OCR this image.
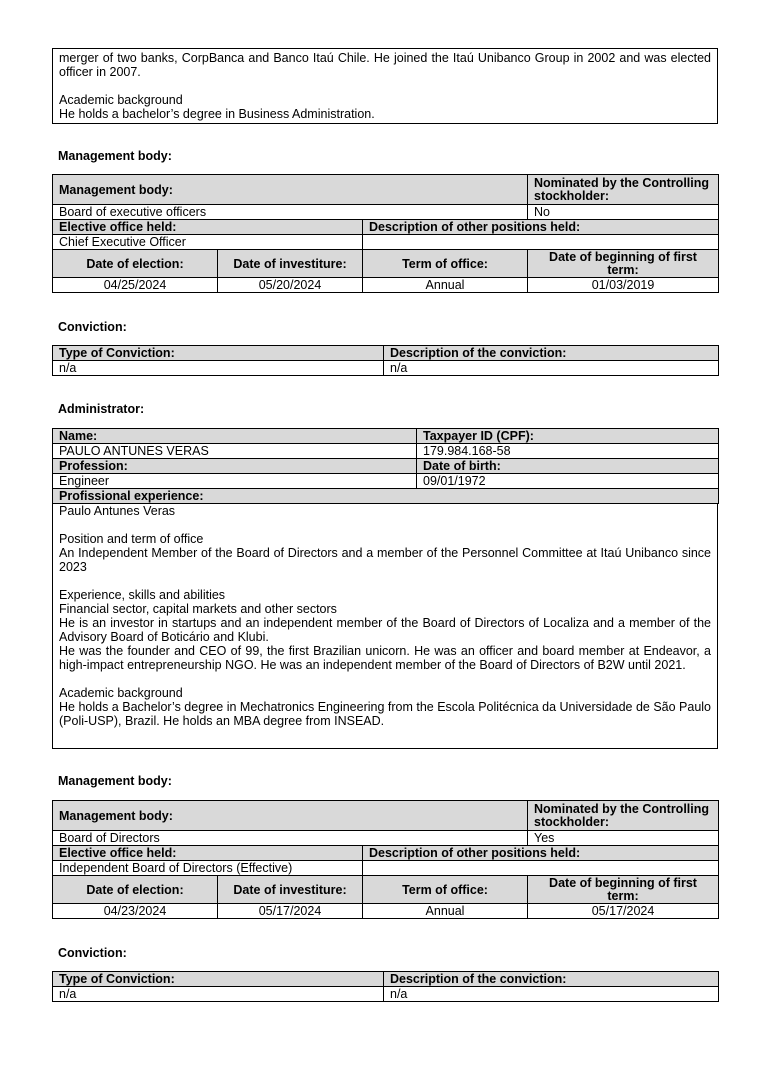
merger of two banks, CorpBanca and Banco Itaú Chile. He joined the Itaú Unibanco Group in 2002 and was elected officer in 2007.

Academic background

He holds a bachelor’s degree in Business Administration.

Management body:
Management body:			Nominated by the Controlling stockholder:
Board of executive officers			No
Elective office held:		Description of other positions held:	
Chief Executive Officer			
Date of election:	Date of investiture:	Term of office:	Date of beginning of first term:
04/25/2024	05/20/2024	Annual	01/03/2019
Conviction:
Type of Conviction:	Description of the conviction:
n/a	n/a
Administrator:
Name:	Taxpayer ID (CPF):
PAULO ANTUNES VERAS	179.984.168-58
Profession:	Date of birth:
Engineer	09/01/1972
Profissional experience:	

Paulo Antunes Veras

Position and term of office

An Independent Member of the Board of Directors and a member of the Personnel Committee at Itaú Unibanco since 2023

Experience, skills and abilities

Financial sector, capital markets and other sectors

He is an investor in startups and an independent member of the Board of Directors of Localiza and a member of the Advisory Board of Boticário and Klubi.

He was the founder and CEO of 99, the first Brazilian unicorn. He was an officer and board member at Endeavor, a high-impact entrepreneurship NGO. He was an independent member of the Board of Directors of B2W until 2021.

Academic background

He holds a Bachelor’s degree in Mechatronics Engineering from the Escola Politécnica da Universidade de São Paulo (Poli-USP), Brazil. He holds an MBA degree from INSEAD.

Management body:
Management body:			Nominated by the Controlling stockholder:
Board of Directors			Yes
Elective office held:		Description of other positions held:	
Independent Board of Directors (Effective)			
Date of election:	Date of investiture:	Term of office:	Date of beginning of first term:
04/23/2024	05/17/2024	Annual	05/17/2024
Conviction:
Type of Conviction:	Description of the conviction:
n/a	n/a
